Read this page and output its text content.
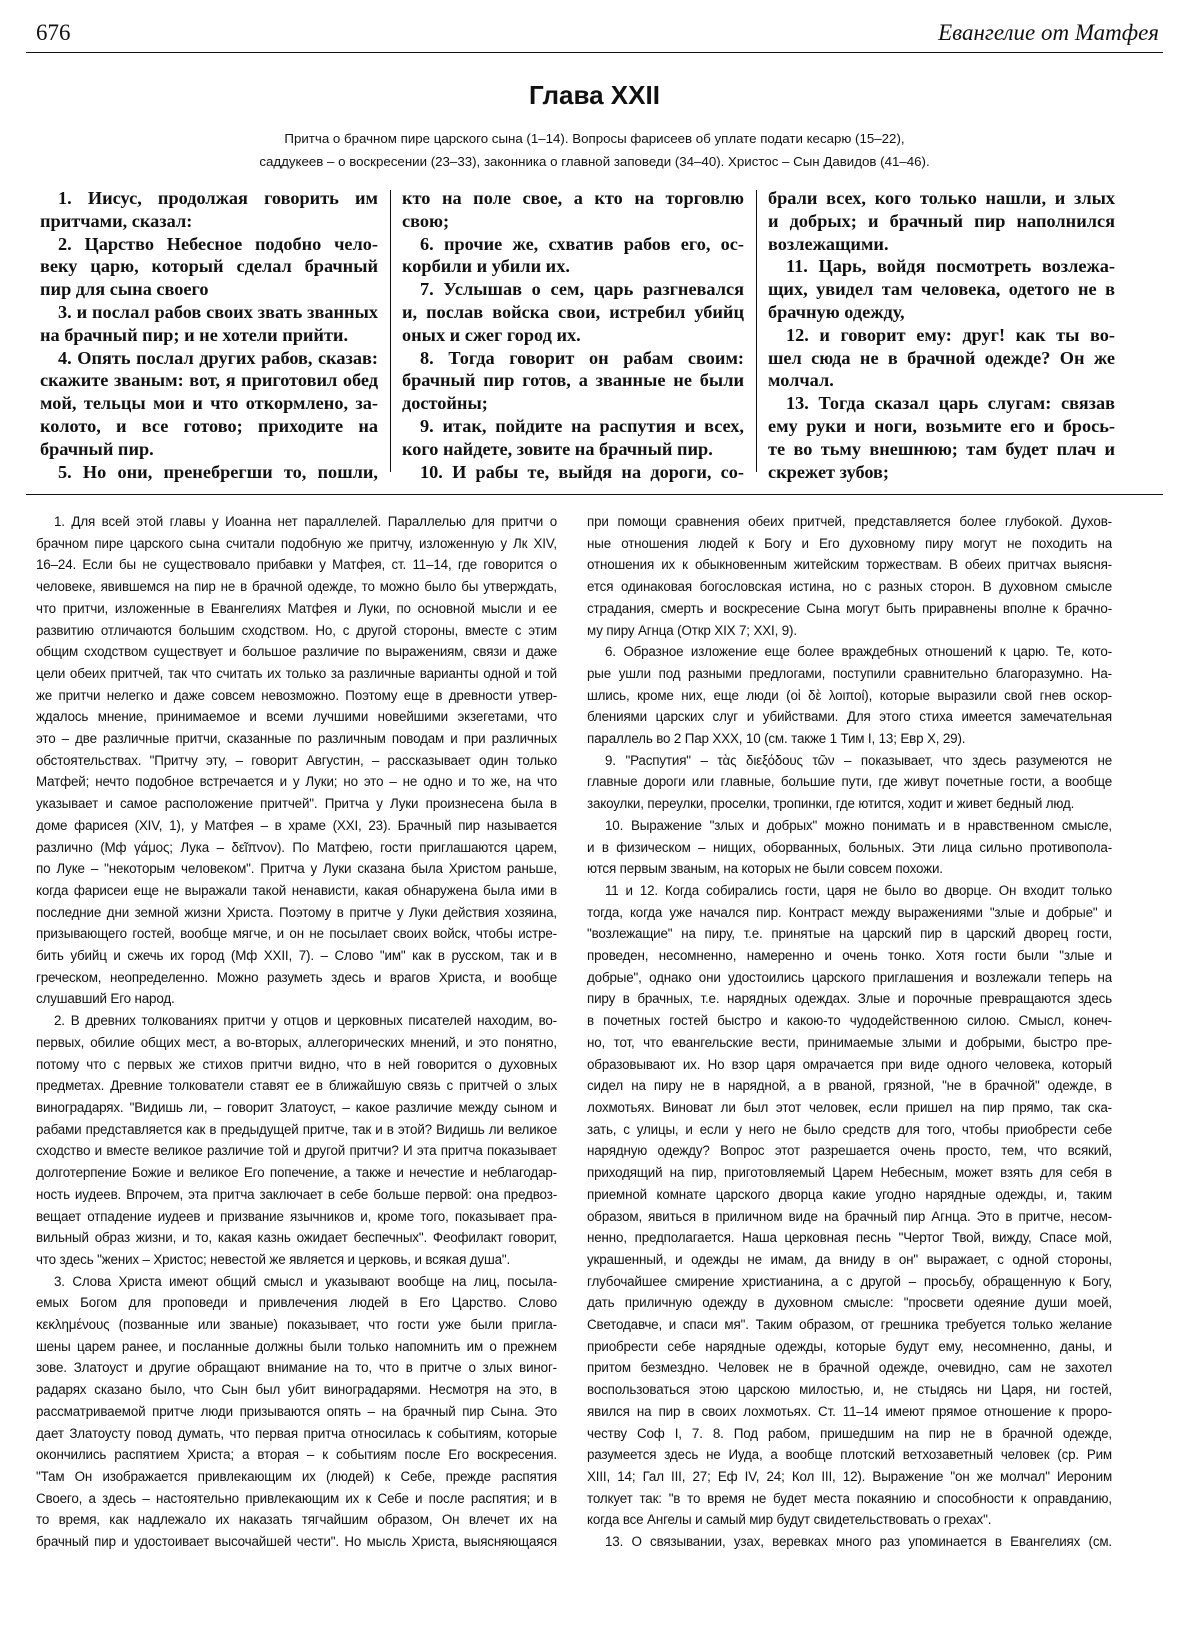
676	Евангелие от Матфея
Глава XXII
Притча о брачном пире царского сына (1–14). Вопросы фарисеев об уплате подати кесарю (15–22),
саддукеев – о воскресении (23–33), законника о главной заповеди (34–40). Христос – Сын Давидов (41–46).
1. Иисус, продолжая говорить им
притчами, сказал:
2. Царство Небесное подобно чело-
веку царю, который сделал брачный
пир для сына своего
3. и послал рабов своих звать званных
на брачный пир; и не хотели прийти.
4. Опять послал других рабов, сказав:
скажите званым: вот, я приготовил обед
мой, тельцы мои и что откормлено, за-
колото, и все готово; приходите на
брачный пир.
5. Но они, пренебрегши то, пошли,
кто на поле свое, а кто на торговлю
свою;
6. прочие же, схватив рабов его, ос-
корбили и убили их.
7. Услышав о сем, царь разгневался
и, послав войска свои, истребил убийц
оных и сжег город их.
8. Тогда говорит он рабам своим:
брачный пир готов, а званные не были
достойны;
9. итак, пойдите на распутия и всех,
кого найдете, зовите на брачный пир.
10. И рабы те, выйдя на дороги, со-
брали всех, кого только нашли, и злых
и добрых; и брачный пир наполнился
возлежащими.
11. Царь, войдя посмотреть возлежа-
щих, увидел там человека, одетого не в
брачную одежду,
12. и говорит ему: друг! как ты во-
шел сюда не в брачной одежде? Он же
молчал.
13. Тогда сказал царь слугам: связав
ему руки и ноги, возьмите его и брось-
те во тьму внешнюю; там будет плач и
скрежет зубов;
1. Для всей этой главы у Иоанна нет параллелей. Параллелью для притчи о
брачном пире царского сына считали подобную же притчу, изложенную у Лк XIV,
16–24. Если бы не существовало прибавки у Матфея, ст. 11–14, где говорится о
человеке, явившемся на пир не в брачной одежде, то можно было бы утверждать,
что притчи, изложенные в Евангелиях Матфея и Луки, по основной мысли и ее
развитию отличаются большим сходством. Но, с другой стороны, вместе с этим
общим сходством существует и большое различие по выражениям, связи и даже
цели обеих притчей, так что считать их только за различные варианты одной и той
же притчи нелегко и даже совсем невозможно. Поэтому еще в древности утвер-
ждалось мнение, принимаемое и всеми лучшими новейшими экзегетами, что
это – две различные притчи, сказанные по различным поводам и при различных
обстоятельствах. "Притчу эту, – говорит Августин, – рассказывает один только
Матфей; нечто подобное встречается и у Луки; но это – не одно и то же, на что
указывает и самое расположение притчей". Притча у Луки произнесена была в
доме фарисея (XIV, 1), у Матфея – в храме (XXI, 23). Брачный пир называется
различно (Мф γάμος; Лука – δεῖπνον). По Матфею, гости приглашаются царем,
по Луке – "некоторым человеком". Притча у Луки сказана была Христом раньше,
когда фарисеи еще не выражали такой ненависти, какая обнаружена была ими в
последние дни земной жизни Христа. Поэтому в притче у Луки действия хозяина,
призывающего гостей, вообще мягче, и он не посылает своих войск, чтобы истре-
бить убийц и сжечь их город (Мф XXII, 7). – Слово "им" как в русском, так и в
греческом, неопределенно. Можно разуметь здесь и врагов Христа, и вообще
слушавший Его народ.
2. В древних толкованиях притчи у отцов и церковных писателей находим, во-
первых, обилие общих мест, а во-вторых, аллегорических мнений, и это понятно,
потому что с первых же стихов притчи видно, что в ней говорится о духовных
предметах. Древние толкователи ставят ее в ближайшую связь с притчей о злых
виноградарях. "Видишь ли, – говорит Златоуст, – какое различие между сыном и
рабами представляется как в предыдущей притче, так и в этой? Видишь ли великое
сходство и вместе великое различие той и другой притчи? И эта притча показывает
долготерпение Божие и великое Его попечение, а также и нечестие и неблагодар-
ность иудеев. Впрочем, эта притча заключает в себе больше первой: она предвоз-
вещает отпадение иудеев и призвание язычников и, кроме того, показывает пра-
вильный образ жизни, и то, какая казнь ожидает беспечных". Феофилакт говорит,
что здесь "жених – Христос; невестой же является и церковь, и всякая душа".
3. Слова Христа имеют общий смысл и указывают вообще на лиц, посыла-
емых Богом для проповеди и привлечения людей в Его Царство. Слово
κεκλημένους (позванные или званые) показывает, что гости уже были пригла-
шены царем ранее, и посланные должны были только напомнить им о прежнем
зове. Златоуст и другие обращают внимание на то, что в притче о злых виног-
радарях сказано было, что Сын был убит виноградарями. Несмотря на это, в
рассматриваемой притче люди призываются опять – на брачный пир Сына. Это
дает Златоусту повод думать, что первая притча относилась к событиям, которые
окончились распятием Христа; а вторая – к событиям после Его воскресения.
"Там Он изображается привлекающим их (людей) к Себе, прежде распятия
Своего, а здесь – настоятельно привлекающим их к Себе и после распятия; и в
то время, как надлежало их наказать тягчайшим образом, Он влечет их на
брачный пир и удостоивает высочайшей чести". Но мысль Христа, выясняющаяся
при помощи сравнения обеих притчей, представляется более глубокой. Духов-
ные отношения людей к Богу и Его духовному пиру могут не походить на
отношения их к обыкновенным житейским торжествам. В обеих притчах выясня-
ется одинаковая богословская истина, но с разных сторон. В духовном смысле
страдания, смерть и воскресение Сына могут быть приравнены вполне к брачно-
му пиру Агнца (Откр XIX 7; XXI, 9).
6. Образное изложение еще более враждебных отношений к царю. Те, кото-
рые ушли под разными предлогами, поступили сравнительно благоразумно. На-
шлись, кроме них, еще люди (οἱ δὲ λοιποί), которые выразили свой гнев оскор-
блениями царских слуг и убийствами. Для этого стиха имеется замечательная
параллель во 2 Пар XXX, 10 (см. также 1 Тим I, 13; Евр X, 29).
9. "Распутия" – τὰς διεξόδους τῶν – показывает, что здесь разумеются не
главные дороги или главные, большие пути, где живут почетные гости, а вообще
закоулки, переулки, проселки, тропинки, где ютится, ходит и живет бедный люд.
10. Выражение "злых и добрых" можно понимать и в нравственном смысле,
и в физическом – нищих, оборванных, больных. Эти лица сильно противопола-
ются первым званым, на которых не были совсем похожи.
11 и 12. Когда собирались гости, царя не было во дворце. Он входит только
тогда, когда уже начался пир. Контраст между выражениями "злые и добрые" и
"возлежащие" на пиру, т.е. принятые на царский пир в царский дворец гости,
проведен, несомненно, намеренно и очень тонко. Хотя гости были "злые и
добрые", однако они удостоились царского приглашения и возлежали теперь на
пиру в брачных, т.е. нарядных одеждах. Злые и порочные превращаются здесь
в почетных гостей быстро и какою-то чудодейственною силою. Смысл, конеч-
но, тот, что евангельские вести, принимаемые злыми и добрыми, быстро пре-
образовывают их. Но взор царя омрачается при виде одного человека, который
сидел на пиру не в нарядной, а в рваной, грязной, "не в брачной" одежде, в
лохмотьях. Виноват ли был этот человек, если пришел на пир прямо, так ска-
зать, с улицы, и если у него не было средств для того, чтобы приобрести себе
нарядную одежду? Вопрос этот разрешается очень просто, тем, что всякий,
приходящий на пир, приготовляемый Царем Небесным, может взять для себя в
приемной комнате царского дворца какие угодно нарядные одежды, и, таким
образом, явиться в приличном виде на брачный пир Агнца. Это в притче, несом-
ненно, предполагается. Наша церковная песнь "Чертог Твой, вижду, Спасе мой,
украшенный, и одежды не имам, да вниду в он" выражает, с одной стороны,
глубочайшее смирение христианина, а с другой – просьбу, обращенную к Богу,
дать приличную одежду в духовном смысле: "просвети одеяние души моей,
Светодавче, и спаси мя". Таким образом, от грешника требуется только желание
приобрести себе нарядные одежды, которые будут ему, несомненно, даны, и
притом безмездно. Человек не в брачной одежде, очевидно, сам не захотел
воспользоваться этою царскою милостью, и, не стыдясь ни Царя, ни гостей,
явился на пир в своих лохмотьях. Ст. 11–14 имеют прямое отношение к проро-
честву Соф I, 7. 8. Под рабом, пришедшим на пир не в брачной одежде,
разумеется здесь не Иуда, а вообще плотский ветхозаветный человек (ср. Рим
XIII, 14; Гал III, 27; Еф IV, 24; Кол III, 12). Выражение "он же молчал" Иероним
толкует так: "в то время не будет места покаянию и способности к оправданию,
когда все Ангелы и самый мир будут свидетельствовать о грехах".
13. О связывании, узах, веревках много раз упоминается в Евангелиях (см.
